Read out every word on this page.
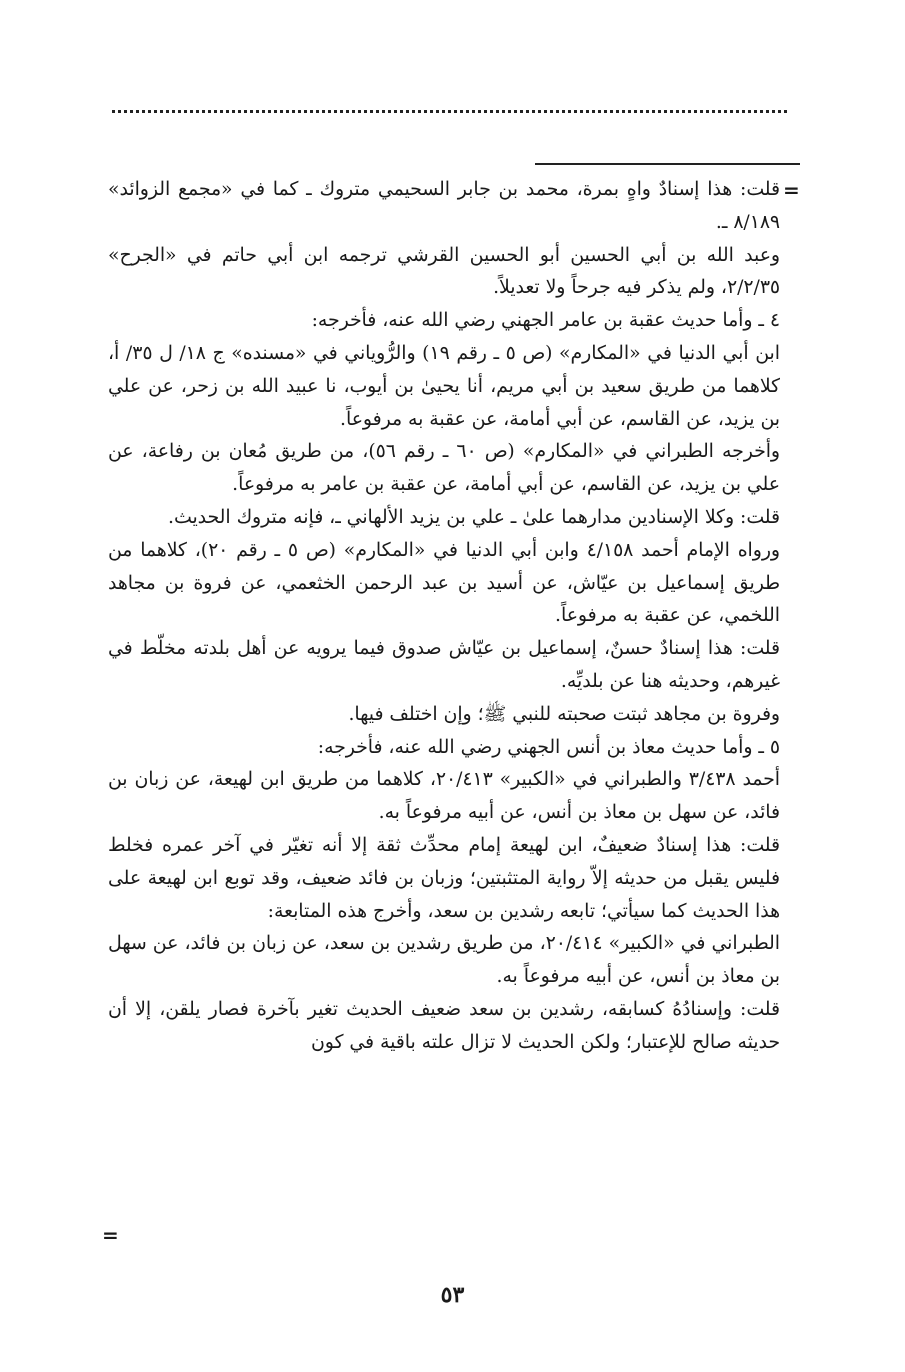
=

قلت: هذا إسنادٌ واهٍ بمرة، محمد بن جابر السحيمي متروك ـ كما في «مجمع الزوائد» ٨/١٨٩ ـ.

وعبد الله بن أبي الحسين أبو الحسين القرشي ترجمه ابن أبي حاتم في «الجرح» ٢/٢/٣٥، ولم يذكر فيه جرحاً ولا تعديلاً.

٤ ـ وأما حديث عقبة بن عامر الجهني رضي الله عنه، فأخرجه:

ابن أبي الدنيا في «المكارم» (ص ٥ ـ رقم ١٩) والرُّوياني في «مسنده» ج ١٨/ ل ٣٥/ أ، كلاهما من طريق سعيد بن أبي مريم، أنا يحيىٰ بن أيوب، نا عبيد الله بن زحر، عن علي بن يزيد، عن القاسم، عن أبي أمامة، عن عقبة به مرفوعاً.

وأخرجه الطبراني في «المكارم» (ص ٦٠ ـ رقم ٥٦)، من طريق مُعان بن رفاعة، عن علي بن يزيد، عن القاسم، عن أبي أمامة، عن عقبة بن عامر به مرفوعاً.

قلت: وكلا الإسنادين مدارهما علىٰ ـ علي بن يزيد الألهاني ـ، فإنه متروك الحديث.

ورواه الإمام أحمد ٤/١٥٨ وابن أبي الدنيا في «المكارم» (ص ٥ ـ رقم ٢٠)، كلاهما من طريق إسماعيل بن عيّاش، عن أسيد بن عبد الرحمن الخثعمي، عن فروة بن مجاهد اللخمي، عن عقبة به مرفوعاً.

قلت: هذا إسنادٌ حسنٌ، إسماعيل بن عيّاش صدوق فيما يرويه عن أهل بلدته مخلّط في غيرهم، وحديثه هنا عن بلديِّه.

وفروة بن مجاهد ثبتت صحبته للنبي ﷺ؛ وإن اختلف فيها.

٥ ـ وأما حديث معاذ بن أنس الجهني رضي الله عنه، فأخرجه:

أحمد ٣/٤٣٨ والطبراني في «الكبير» ٢٠/٤١٣، كلاهما من طريق ابن لهيعة، عن زبان بن فائد، عن سهل بن معاذ بن أنس، عن أبيه مرفوعاً به.

قلت: هذا إسنادٌ ضعيفٌ، ابن لهيعة إمام محدِّث ثقة إلا أنه تغيّر في آخر عمره فخلط فليس يقبل من حديثه إلاّ رواية المتثبتين؛ وزبان بن فائد ضعيف، وقد توبع ابن لهيعة على هذا الحديث كما سيأتي؛ تابعه رشدين بن سعد، وأخرج هذه المتابعة:

الطبراني في «الكبير» ٢٠/٤١٤، من طريق رشدين بن سعد، عن زبان بن فائد، عن سهل بن معاذ بن أنس، عن أبيه مرفوعاً به.

قلت: وإسنادُهُ كسابقه، رشدين بن سعد ضعيف الحديث تغير بآخرة فصار يلقن، إلا أن حديثه صالح للإعتبار؛ ولكن الحديث لا تزال علته باقية في كون

=
٥٣
